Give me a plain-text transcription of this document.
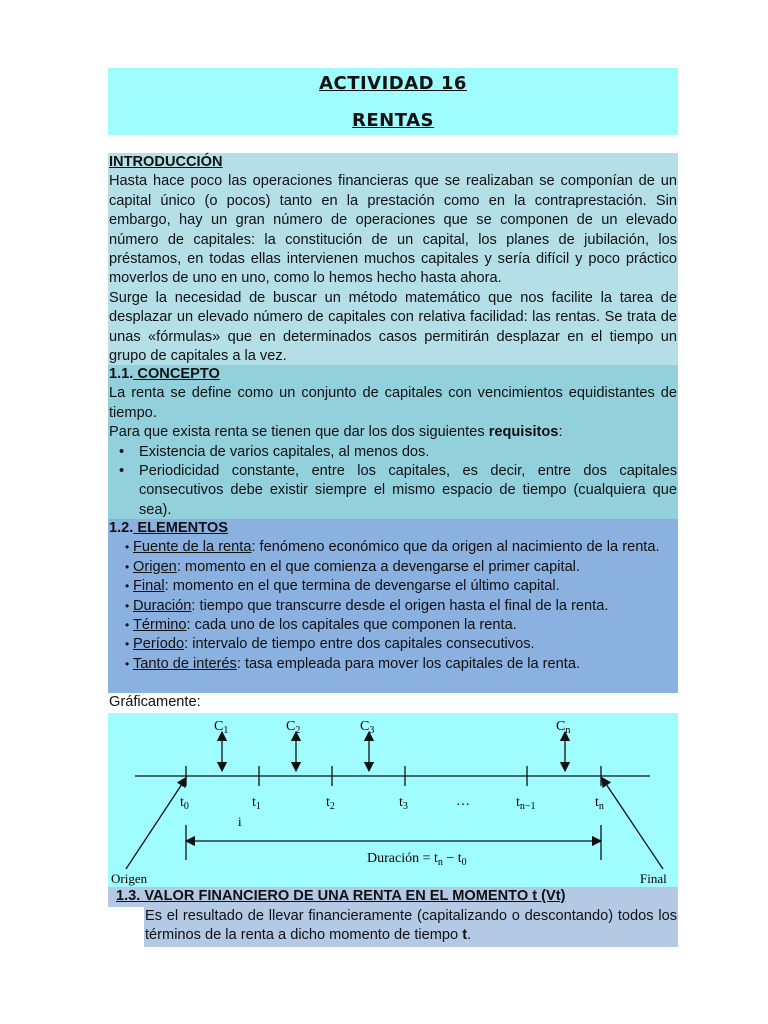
ACTIVIDAD 16
RENTAS
INTRODUCCIÓN

Hasta hace poco las operaciones financieras que se realizaban se componían de un capital único (o pocos) tanto en la prestación como en la contraprestación. Sin embargo, hay un gran número de operaciones que se componen de un elevado número de capitales: la constitución de un capital, los planes de jubilación, los préstamos, en todas ellas intervienen muchos capitales y sería difícil y poco práctico moverlos de uno en uno, como lo hemos hecho hasta ahora.

Surge la necesidad de buscar un método matemático que nos facilite la tarea de desplazar un elevado número de capitales con relativa facilidad: las rentas. Se trata de unas «fórmulas» que en determinados casos permitirán desplazar en el tiempo un grupo de capitales a la vez.

1.1. CONCEPTO

La renta se define como un conjunto de capitales con vencimientos equidistantes de tiempo.

Para que exista renta se tienen que dar los dos siguientes requisitos:

• Existencia de varios capitales, al menos dos.
• Periodicidad constante, entre los capitales, es decir, entre dos capitales consecutivos debe existir siempre el mismo espacio de tiempo (cualquiera que sea).
1.2. ELEMENTOS
• Fuente de la renta: fenómeno económico que da origen al nacimiento de la renta.
• Origen: momento en el que comienza a devengarse el primer capital.
• Final: momento en el que termina de devengarse el último capital.
• Duración: tiempo que transcurre desde el origen hasta el final de la renta.
• Término: cada uno de los capitales que componen la renta.
• Período: intervalo de tiempo entre dos capitales consecutivos.
• Tanto de interés: tasa empleada para mover los capitales de la renta.
Gráficamente:
$C_1$	$C_2$	$C_3$	$C_n$
$t_0$	$t_1$	$t_2$	$t_3$	…	$t_{n-1}$	$t_n$
i
Duración = $t_n - t_0$
Origen	Final
1.3. VALOR FINANCIERO DE UNA RENTA EN EL MOMENTO t (Vt)
Es el resultado de llevar financieramente (capitalizando o descontando) todos los términos de la renta a dicho momento de tiempo t.
